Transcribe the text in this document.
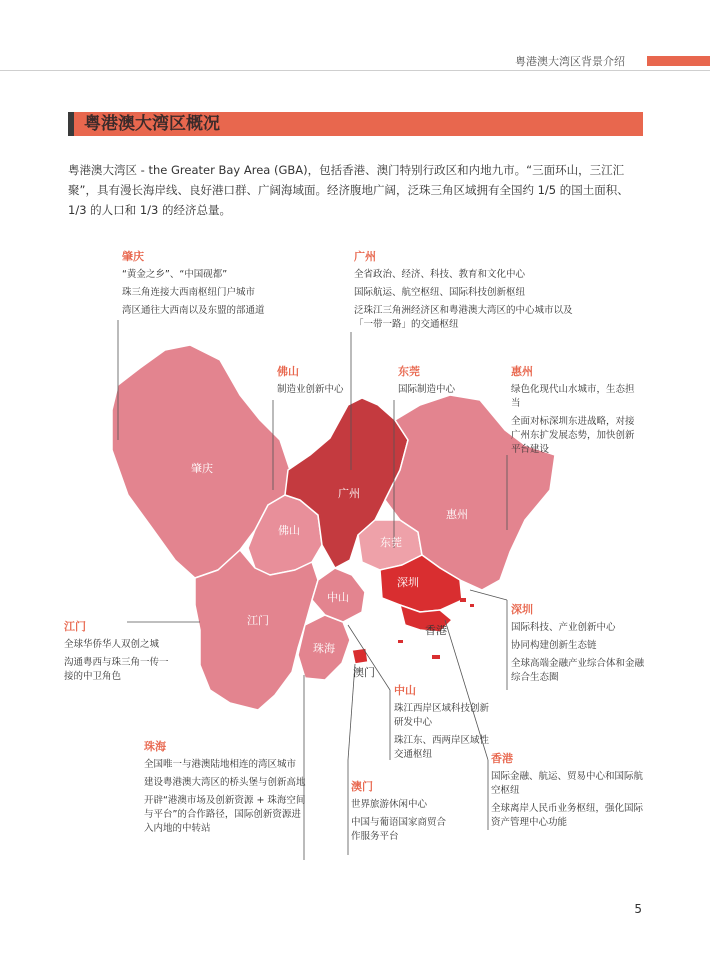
粤港澳大湾区背景介绍
粤港澳大湾区概况

粤港澳大湾区 - the Greater Bay Area (GBA)，包括香港、澳门特别行政区和内地九市。“三面环山，三江汇聚”，具有漫长海岸线、良好港口群、广阔海域面。经济腹地广阔，泛珠三角区域拥有全国约 1/5 的国土面积、1/3 的人口和 1/3 的经济总量。

肇庆
广州
佛山
东莞
惠州
江门
中山
深圳
珠海
香港
澳门
肇庆
“黄金之乡”、“中国砚都”
珠三角连接大西南枢纽门户城市
湾区通往大西南以及东盟的部通道
广州
全省政治、经济、科技、教育和文化中心
国际航运、航空枢纽、国际科技创新枢纽
泛珠江三角洲经济区和粤港澳大湾区的中心城市以及「一带一路」的交通枢纽
佛山
制造业创新中心
东莞
国际制造中心
惠州
绿色化现代山水城市，生态担当
全面对标深圳东进战略，对接广州东扩发展态势，加快创新平台建设
江门
全球华侨华人双创之城
沟通粤西与珠三角一传一接的中卫角色
深圳
国际科技、产业创新中心
协同构建创新生态链
全球高端金融产业综合体和金融综合生态圈
中山
珠江西岸区域科技创新研发中心
珠江东、西两岸区域性交通枢纽
珠海
全国唯一与港澳陆地相连的湾区城市
建设粤港澳大湾区的桥头堡与创新高地
开辟“港澳市场及创新资源 + 珠海空间与平台”的合作路径，国际创新资源进入内地的中转站
澳门
世界旅游休闲中心
中国与葡语国家商贸合作服务平台
香港
国际金融、航运、贸易中心和国际航空枢纽
全球离岸人民币业务枢纽，强化国际资产管理中心功能
5
